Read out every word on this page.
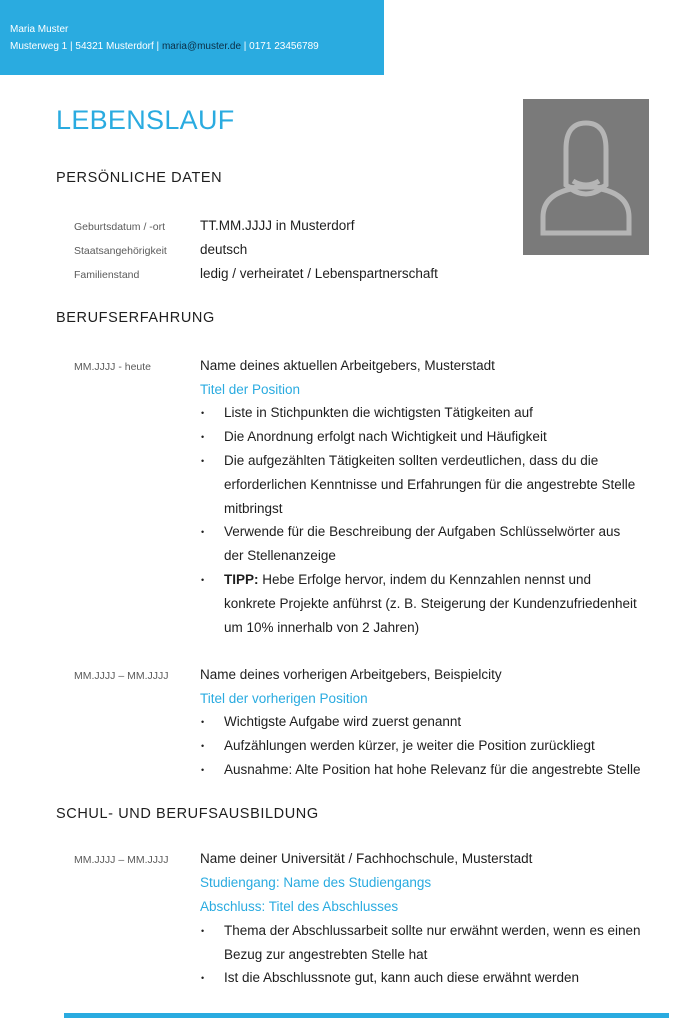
Maria Muster
Musterweg 1 | 54321 Musterdorf | maria@muster.de | 0171 23456789
LEBENSLAUF
PERSÖNLICHE DATEN
Geburtsdatum / -ort	TT.MM.JJJJ in Musterdorf
Staatsangehörigkeit deutsch
Familienstand	ledig / verheiratet / Lebenspartnerschaft
BERUFSERFAHRUNG
MM.JJJJ - heute	Name deines aktuellen Arbeitgebers, Musterstadt
Titel der Position
• Liste in Stichpunkten die wichtigsten Tätigkeiten auf
• Die Anordnung erfolgt nach Wichtigkeit und Häufigkeit
• Die aufgezählten Tätigkeiten sollten verdeutlichen, dass du die
erforderlichen Kenntnisse und Erfahrungen für die angestrebte Stelle
mitbringst
• Verwende für die Beschreibung der Aufgaben Schlüsselwörter aus
der Stellenanzeige
• TIPP: Hebe Erfolge hervor, indem du Kennzahlen nennst und
konkrete Projekte anführst (z. B. Steigerung der Kundenzufriedenheit
um 10% innerhalb von 2 Jahren)
MM.JJJJ – MM.JJJJ Name deines vorherigen Arbeitgebers, Beispielcity
Titel der vorherigen Position
• Wichtigste Aufgabe wird zuerst genannt
• Aufzählungen werden kürzer, je weiter die Position zurückliegt
• Ausnahme: Alte Position hat hohe Relevanz für die angestrebte Stelle
SCHUL- UND BERUFSAUSBILDUNG
MM.JJJJ – MM.JJJJ Name deiner Universität / Fachhochschule, Musterstadt
Studiengang: Name des Studiengangs
Abschluss: Titel des Abschlusses
• Thema der Abschlussarbeit sollte nur erwähnt werden, wenn es einen
Bezug zur angestrebten Stelle hat
• Ist die Abschlussnote gut, kann auch diese erwähnt werden
